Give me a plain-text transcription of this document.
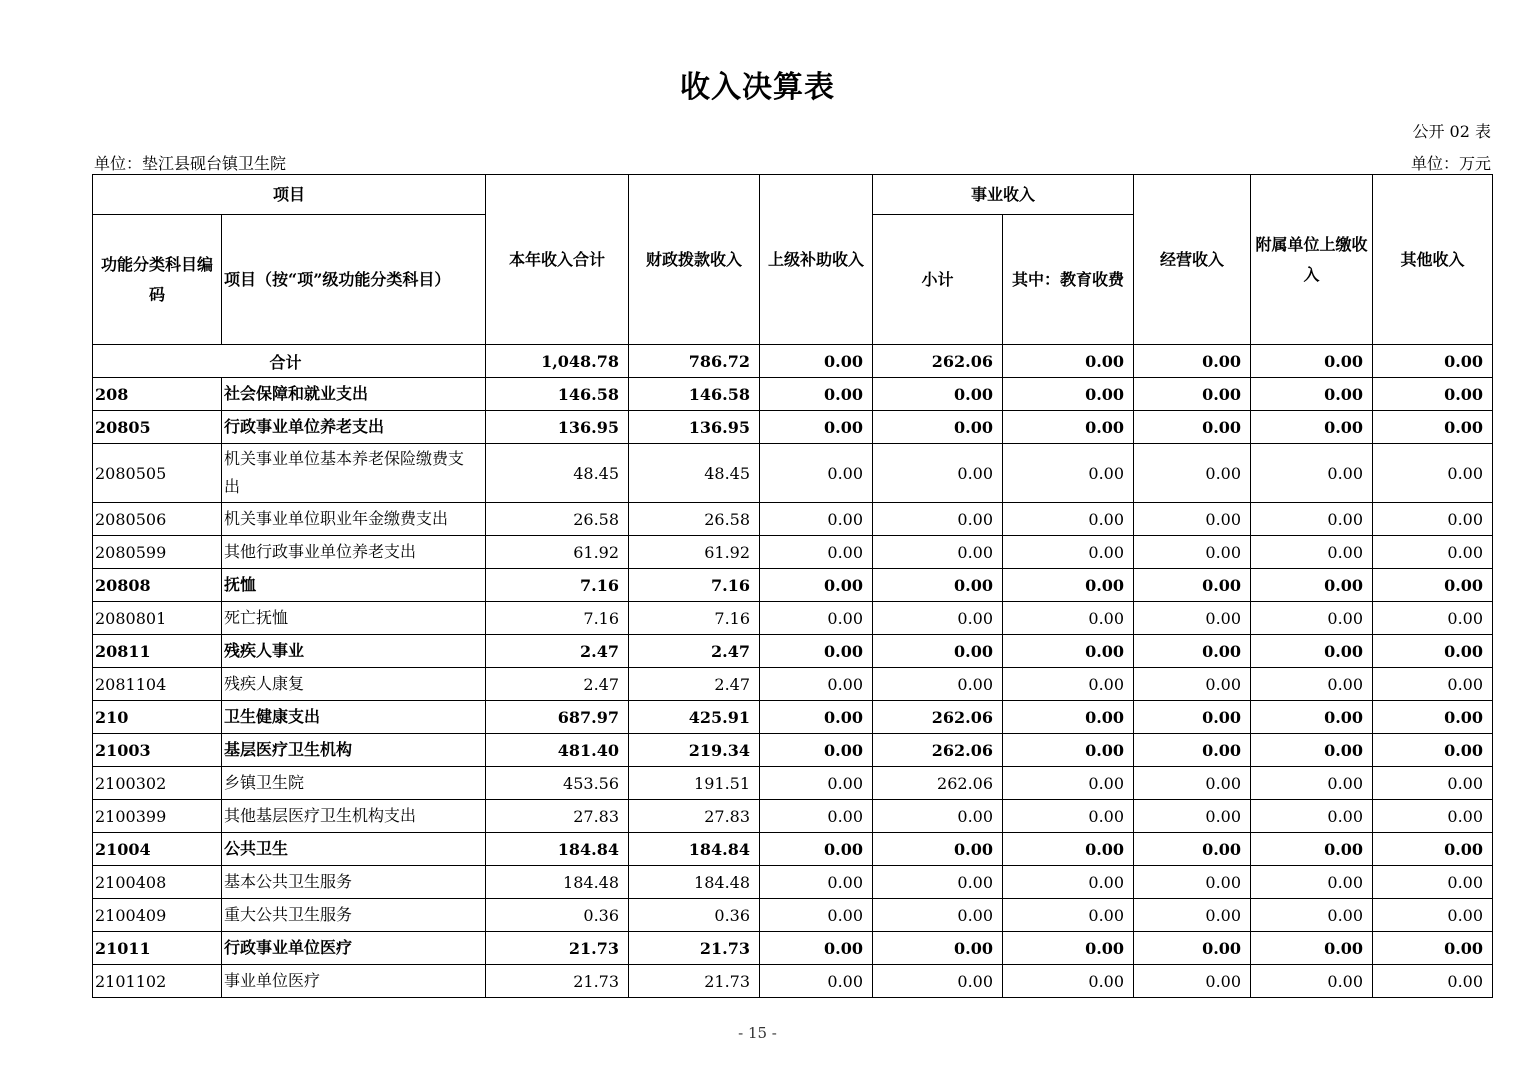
收入决算表
公开 02 表
单位：垫江县砚台镇卫生院	单位：万元
项目		本年收入合计	财政拨款收入	上级补助收入	事业收入		经营收入	附属单位上缴收入	其他收入
功能分类科目编码	项目（按“项”级功能分类科目）				小计	其中：教育收费			
合计		1,048.78	786.72	0.00	262.06	0.00	0.00	0.00	0.00
208	社会保障和就业支出	146.58	146.58	0.00	0.00	0.00	0.00	0.00	0.00
20805	行政事业单位养老支出	136.95	136.95	0.00	0.00	0.00	0.00	0.00	0.00
2080505	机关事业单位基本养老保险缴费支出	48.45	48.45	0.00	0.00	0.00	0.00	0.00	0.00
2080506	机关事业单位职业年金缴费支出	26.58	26.58	0.00	0.00	0.00	0.00	0.00	0.00
2080599	其他行政事业单位养老支出	61.92	61.92	0.00	0.00	0.00	0.00	0.00	0.00
20808	抚恤	7.16	7.16	0.00	0.00	0.00	0.00	0.00	0.00
2080801	死亡抚恤	7.16	7.16	0.00	0.00	0.00	0.00	0.00	0.00
20811	残疾人事业	2.47	2.47	0.00	0.00	0.00	0.00	0.00	0.00
2081104	残疾人康复	2.47	2.47	0.00	0.00	0.00	0.00	0.00	0.00
210	卫生健康支出	687.97	425.91	0.00	262.06	0.00	0.00	0.00	0.00
21003	基层医疗卫生机构	481.40	219.34	0.00	262.06	0.00	0.00	0.00	0.00
2100302	乡镇卫生院	453.56	191.51	0.00	262.06	0.00	0.00	0.00	0.00
2100399	其他基层医疗卫生机构支出	27.83	27.83	0.00	0.00	0.00	0.00	0.00	0.00
21004	公共卫生	184.84	184.84	0.00	0.00	0.00	0.00	0.00	0.00
2100408	基本公共卫生服务	184.48	184.48	0.00	0.00	0.00	0.00	0.00	0.00
2100409	重大公共卫生服务	0.36	0.36	0.00	0.00	0.00	0.00	0.00	0.00
21011	行政事业单位医疗	21.73	21.73	0.00	0.00	0.00	0.00	0.00	0.00
2101102	事业单位医疗	21.73	21.73	0.00	0.00	0.00	0.00	0.00	0.00
- 15 -
